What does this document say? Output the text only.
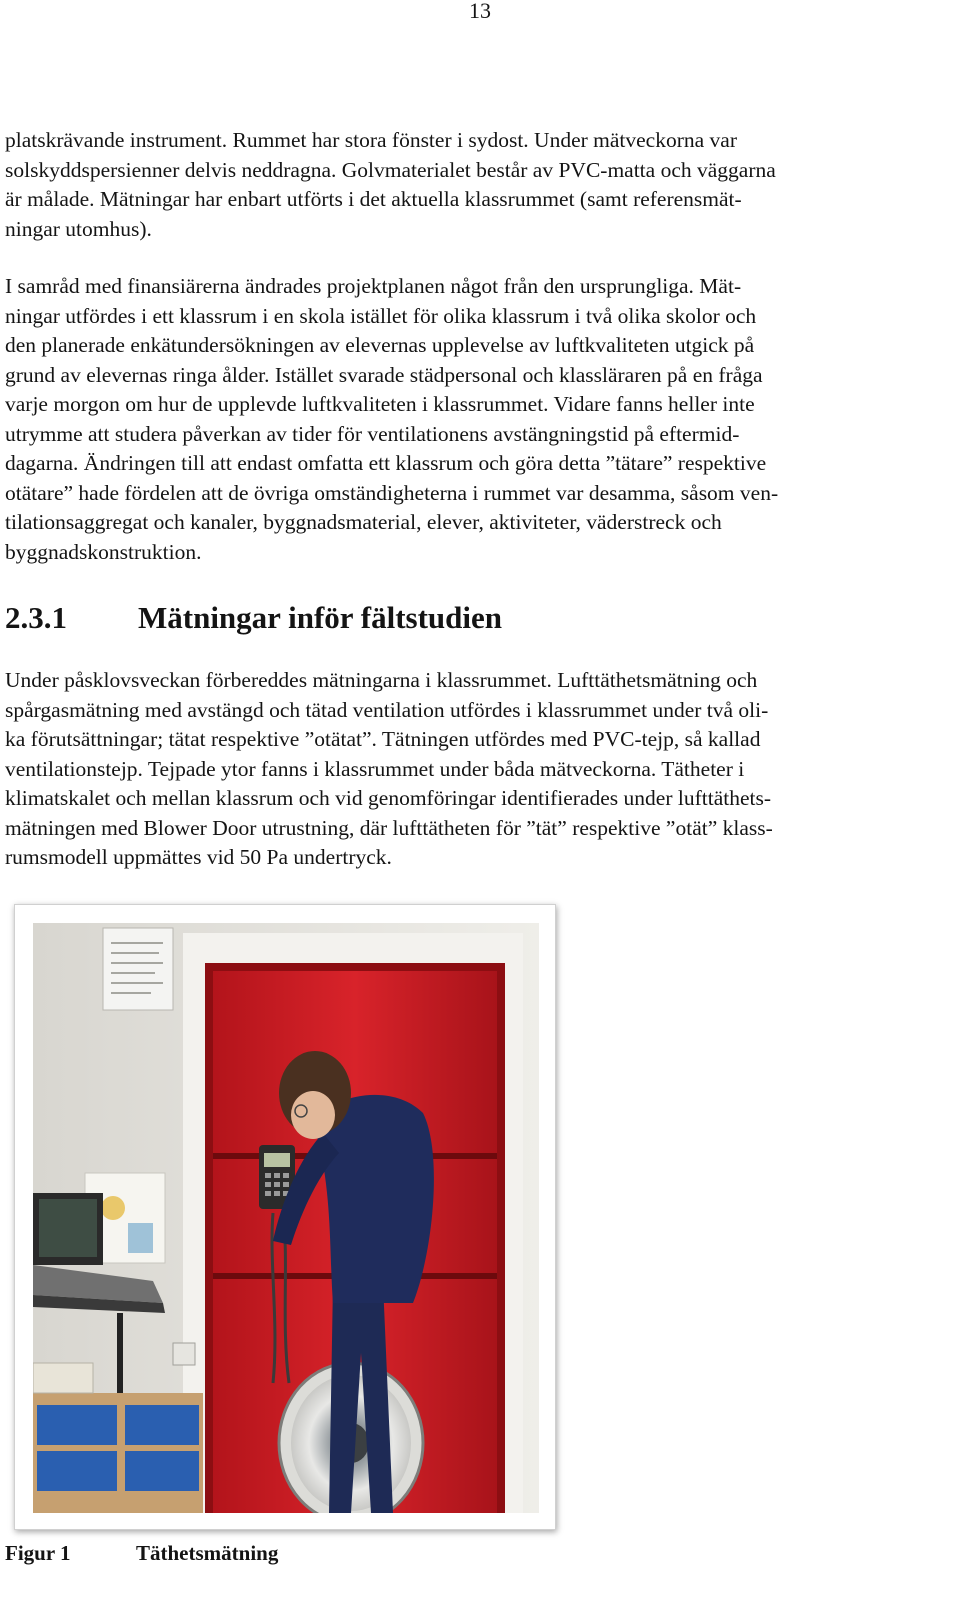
13

platskrävande instrument. Rummet har stora fönster i sydost. Under mätveckorna var
solskyddspersienner delvis neddragna. Golvmaterialet består av PVC-matta och väggarna
är målade. Mätningar har enbart utförts i det aktuella klassrummet (samt referensmät-
ningar utomhus).

I samråd med finansiärerna ändrades projektplanen något från den ursprungliga. Mät-
ningar utfördes i ett klassrum i en skola istället för olika klassrum i två olika skolor och
den planerade enkätundersökningen av elevernas upplevelse av luftkvaliteten utgick på
grund av elevernas ringa ålder. Istället svarade städpersonal och klassläraren på en fråga
varje morgon om hur de upplevde luftkvaliteten i klassrummet. Vidare fanns heller inte
utrymme att studera påverkan av tider för ventilationens avstängningstid på eftermid-
dagarna. Ändringen till att endast omfatta ett klassrum och göra detta ”tätare” respektive
otätare” hade fördelen att de övriga omständigheterna i rummet var desamma, såsom ven-
tilationsaggregat och kanaler, byggnadsmaterial, elever, aktiviteter, väderstreck och
byggnadskonstruktion.

2.3.1 Mätningar inför fältstudien

Under påsklovsveckan förbereddes mätningarna i klassrummet. Lufttäthetsmätning och
spårgasmätning med avstängd och tätad ventilation utfördes i klassrummet under två oli-
ka förutsättningar; tätat respektive ”otätat”. Tätningen utfördes med PVC-tejp, så kallad
ventilationstejp. Tejpade ytor fanns i klassrummet under båda mätveckorna. Tätheter i
klimatskalet och mellan klassrum och vid genomföringar identifierades under lufttäthets-
mätningen med Blower Door utrustning, där lufttätheten för ”tät” respektive ”otät” klass-
rumsmodell uppmättes vid 50 Pa undertryck.

Figur 1	Täthetsmätning
